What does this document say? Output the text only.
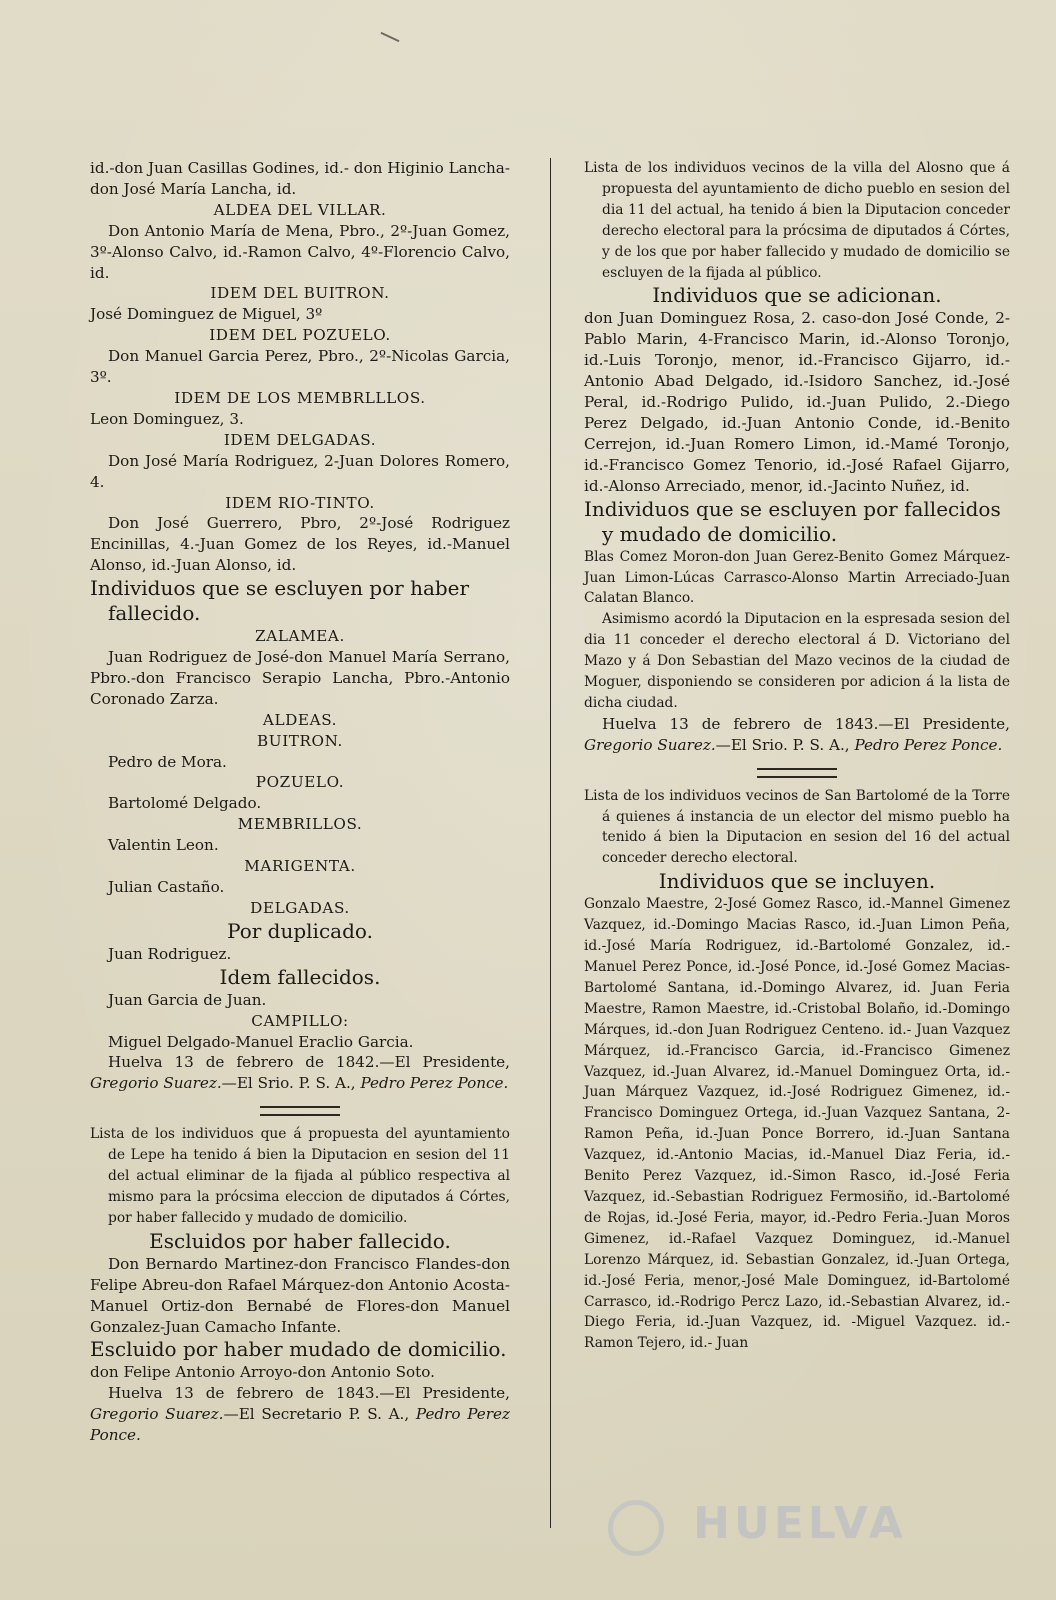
id.-don Juan Casillas Godines, id.- don Higinio Lancha-don José María Lancha, id.

ALDEA DEL VILLAR.

Don Antonio María de Mena, Pbro., 2º-Juan Gomez, 3º-Alonso Calvo, id.-Ramon Calvo, 4º-Florencio Calvo, id.

IDEM DEL BUITRON.

José Dominguez de Miguel, 3º

IDEM DEL POZUELO.

Don Manuel Garcia Perez, Pbro., 2º-Nicolas Garcia, 3º.

IDEM DE LOS MEMBRLLLOS.

Leon Dominguez, 3.

IDEM DELGADAS.

Don José María Rodriguez, 2-Juan Dolores Romero, 4.

IDEM RIO-TINTO.

Don José Guerrero, Pbro, 2º-José Rodriguez Encinillas, 4.-Juan Gomez de los Reyes, id.-Manuel Alonso, id.-Juan Alonso, id.

Individuos que se escluyen por haber fallecido.

ZALAMEA.

Juan Rodriguez de José-don Manuel María Serrano, Pbro.-don Francisco Serapio Lancha, Pbro.-Antonio Coronado Zarza.

ALDEAS.

BUITRON.

Pedro de Mora.

POZUELO.

Bartolomé Delgado.

MEMBRILLOS.

Valentin Leon.

MARIGENTA.

Julian Castaño.

DELGADAS.

Por duplicado.

Juan Rodriguez.

Idem fallecidos.

Juan Garcia de Juan.

CAMPILLO:

Miguel Delgado-Manuel Eraclio Garcia.

Huelva 13 de febrero de 1842.—El Presidente, Gregorio Suarez.—El Srio. P. S. A., Pedro Perez Ponce.

Lista de los individuos que á propuesta del ayuntamiento de Lepe ha tenido á bien la Diputacion en sesion del 11 del actual eliminar de la fijada al público respectiva al mismo para la prócsima eleccion de diputados á Córtes, por haber fallecido y mudado de domicilio.

Escluidos por haber fallecido.

Don Bernardo Martinez-don Francisco Flandes-don Felipe Abreu-don Rafael Márquez-don Antonio Acosta-Manuel Ortiz-don Bernabé de Flores-don Manuel Gonzalez-Juan Camacho Infante.

Escluido por haber mudado de domicilio.

don Felipe Antonio Arroyo-don Antonio Soto.

Huelva 13 de febrero de 1843.—El Presidente, Gregorio Suarez.—El Secretario P. S. A., Pedro Perez Ponce.

Lista de los individuos vecinos de la villa del Alosno que á propuesta del ayuntamiento de dicho pueblo en sesion del dia 11 del actual, ha tenido á bien la Diputacion conceder derecho electoral para la prócsima de diputados á Córtes, y de los que por haber fallecido y mudado de domicilio se escluyen de la fijada al público.

Individuos que se adicionan.

don Juan Dominguez Rosa, 2. caso-don José Conde, 2-Pablo Marin, 4-Francisco Marin, id.-Alonso Toronjo, id.-Luis Toronjo, menor, id.-Francisco Gijarro, id.- Antonio Abad Delgado, id.-Isidoro Sanchez, id.-José Peral, id.-Rodrigo Pulido, id.-Juan Pulido, 2.-Diego Perez Delgado, id.-Juan Antonio Conde, id.-Benito Cerrejon, id.-Juan Romero Limon, id.-Mamé Toronjo, id.-Francisco Gomez Tenorio, id.-José Rafael Gijarro, id.-Alonso Arreciado, menor, id.-Jacinto Nuñez, id.

Individuos que se escluyen por fallecidos y mudado de domicilio.

Blas Comez Moron-don Juan Gerez-Benito Gomez Márquez-Juan Limon-Lúcas Carrasco-Alonso Martin Arreciado-Juan Calatan Blanco.

Asimismo acordó la Diputacion en la espresada sesion del dia 11 conceder el derecho electoral á D. Victoriano del Mazo y á Don Sebastian del Mazo vecinos de la ciudad de Moguer, disponiendo se consideren por adicion á la lista de dicha ciudad.

Huelva 13 de febrero de 1843.—El Presidente, Gregorio Suarez.—El Srio. P. S. A., Pedro Perez Ponce.

Lista de los individuos vecinos de San Bartolomé de la Torre á quienes á instancia de un elector del mismo pueblo ha tenido á bien la Diputacion en sesion del 16 del actual conceder derecho electoral.

Individuos que se incluyen.

Gonzalo Maestre, 2-José Gomez Rasco, id.-Mannel Gimenez Vazquez, id.-Domingo Macias Rasco, id.-Juan Limon Peña, id.-José María Rodriguez, id.-Bartolomé Gonzalez, id.-Manuel Perez Ponce, id.-José Ponce, id.-José Gomez Macias-Bartolomé Santana, id.-Domingo Alvarez, id. Juan Feria Maestre, Ramon Maestre, id.-Cristobal Bolaño, id.-Domingo Márques, id.-don Juan Rodriguez Centeno. id.- Juan Vazquez Márquez, id.-Francisco Garcia, id.-Francisco Gimenez Vazquez, id.-Juan Alvarez, id.-Manuel Dominguez Orta, id.-Juan Márquez Vazquez, id.-José Rodriguez Gimenez, id.-Francisco Dominguez Ortega, id.-Juan Vazquez Santana, 2-Ramon Peña, id.-Juan Ponce Borrero, id.-Juan Santana Vazquez, id.-Antonio Macias, id.-Manuel Diaz Feria, id.-Benito Perez Vazquez, id.-Simon Rasco, id.-José Feria Vazquez, id.-Sebastian Rodriguez Fermosiño, id.-Bartolomé de Rojas, id.-José Feria, mayor, id.-Pedro Feria.-Juan Moros Gimenez, id.-Rafael Vazquez Dominguez, id.-Manuel Lorenzo Márquez, id. Sebastian Gonzalez, id.-Juan Ortega, id.-José Feria, menor,-José Male Dominguez, id-Bartolomé Carrasco, id.-Rodrigo Percz Lazo, id.-Sebastian Alvarez, id.-Diego Feria, id.-Juan Vazquez, id. -Miguel Vazquez. id.-Ramon Tejero, id.- Juan

HUELVA
